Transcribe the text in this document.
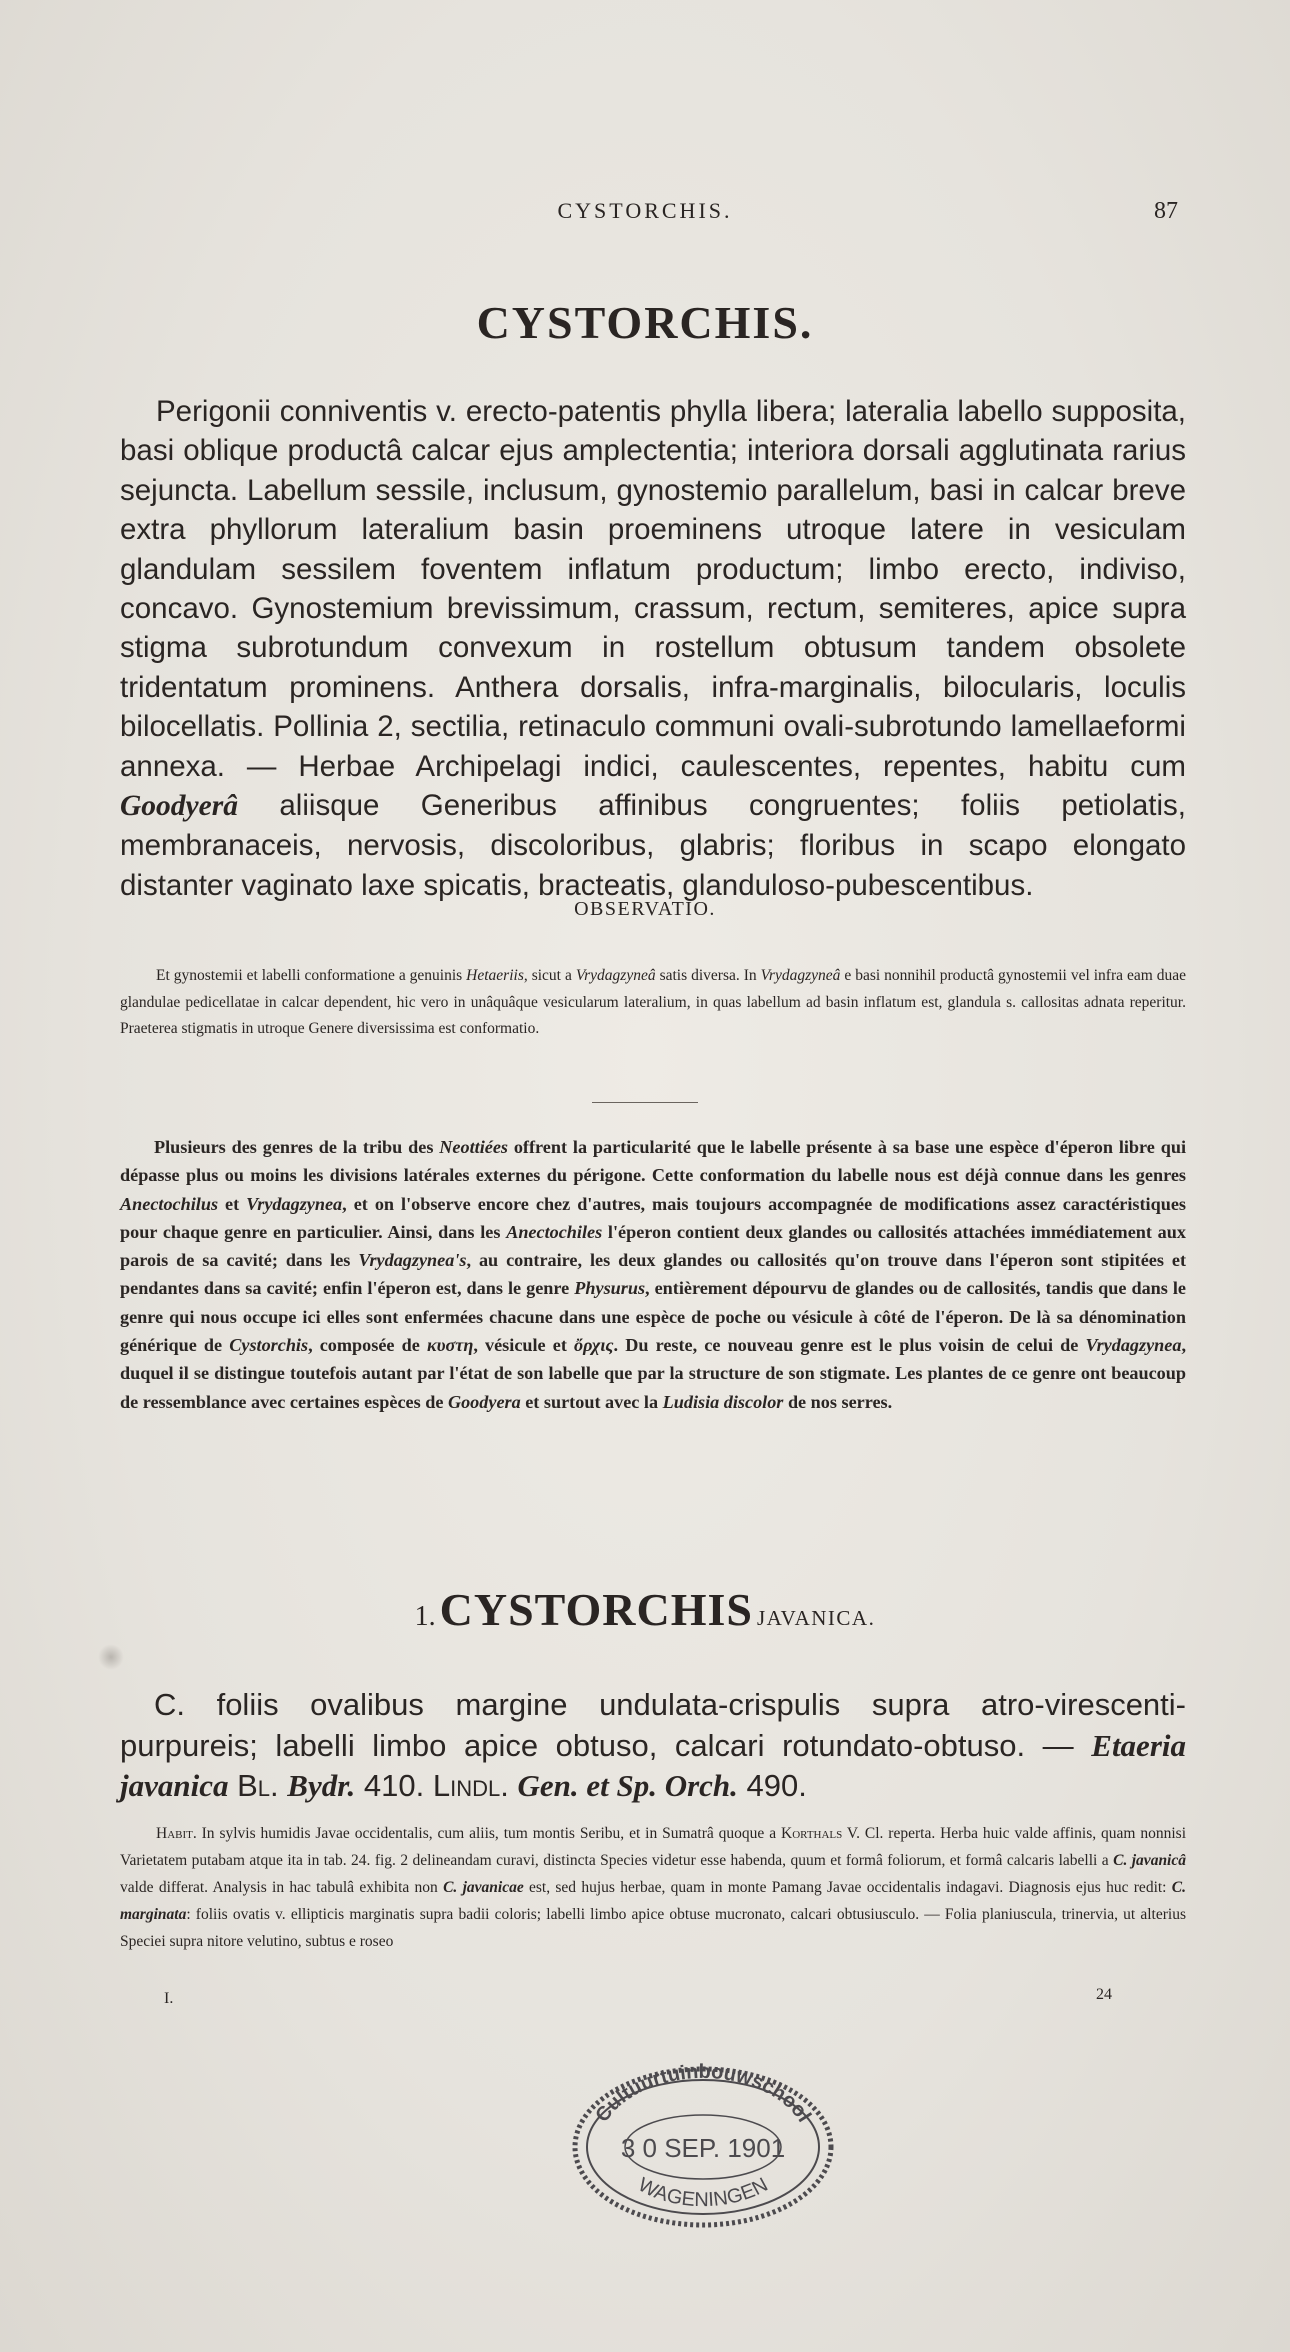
CYSTORCHIS.	87
CYSTORCHIS.

Perigonii conniventis v. erecto-patentis phylla libera; lateralia labello supposita, basi oblique productâ calcar ejus amplectentia; interiora dorsali agglutinata rarius sejuncta. Labellum sessile, inclusum, gynostemio parallelum, basi in calcar breve extra phyllorum lateralium basin proeminens utroque latere in vesiculam glandulam sessilem foventem inflatum productum; limbo erecto, indiviso, concavo. Gynostemium brevissimum, crassum, rectum, semiteres, apice supra stigma subrotundum convexum in rostellum obtusum tandem obsolete tridentatum prominens. Anthera dorsalis, infra-marginalis, bilocularis, loculis bilocellatis. Pollinia 2, sectilia, retinaculo communi ovali-subrotundo lamellaeformi annexa. — Herbae Archipelagi indici, caulescentes, repentes, habitu cum Goodyerâ aliisque Generibus affinibus congruentes; foliis petiolatis, membranaceis, nervosis, discoloribus, glabris; floribus in scapo elongato distanter vaginato laxe spicatis, bracteatis, glanduloso-pubescentibus.

OBSERVATIO.

Et gynostemii et labelli conformatione a genuinis Hetaeriis, sicut a Vrydagzyneâ satis diversa. In Vrydagzyneâ e basi nonnihil productâ gynostemii vel infra eam duae glandulae pedicellatae in calcar dependent, hic vero in unâquâque vesicularum lateralium, in quas labellum ad basin inflatum est, glandula s. callositas adnata reperitur. Praeterea stigmatis in utroque Genere diversissima est conformatio.

Plusieurs des genres de la tribu des Neottiées offrent la particularité que le labelle présente à sa base une espèce d'éperon libre qui dépasse plus ou moins les divisions latérales externes du périgone. Cette conformation du labelle nous est déjà connue dans les genres Anectochilus et Vrydagzynea, et on l'observe encore chez d'autres, mais toujours accompagnée de modifications assez caractéristiques pour chaque genre en particulier. Ainsi, dans les Anectochiles l'éperon contient deux glandes ou callosités attachées immédiatement aux parois de sa cavité; dans les Vrydagzynea's, au contraire, les deux glandes ou callosités qu'on trouve dans l'éperon sont stipitées et pendantes dans sa cavité; enfin l'éperon est, dans le genre Physurus, entièrement dépourvu de glandes ou de callosités, tandis que dans le genre qui nous occupe ici elles sont enfermées chacune dans une espèce de poche ou vésicule à côté de l'éperon. De là sa dénomination générique de Cystorchis, composée de κυστη, vésicule et ὄρχις. Du reste, ce nouveau genre est le plus voisin de celui de Vrydagzynea, duquel il se distingue toutefois autant par l'état de son labelle que par la structure de son stigmate. Les plantes de ce genre ont beaucoup de ressemblance avec certaines espèces de Goodyera et surtout avec la Ludisia discolor de nos serres.

1. CYSTORCHIS JAVANICA.

C. foliis ovalibus margine undulata-crispulis supra atro-virescenti-purpureis; labelli limbo apice obtuso, calcari rotundato-obtuso. — Etaeria javanica Bl. Bydr. 410. Lindl. Gen. et Sp. Orch. 490.

Habit. In sylvis humidis Javae occidentalis, cum aliis, tum montis Seribu, et in Sumatrâ quoque a Korthals V. Cl. reperta. Herba huic valde affinis, quam nonnisi Varietatem putabam atque ita in tab. 24. fig. 2 delineandam curavi, distincta Species videtur esse habenda, quum et formâ foliorum, et formâ calcaris labelli a C. javanicâ valde differat. Analysis in hac tabulâ exhibita non C. javanicae est, sed hujus herbae, quam in monte Pamang Javae occidentalis indagavi. Diagnosis ejus huc redit: C. marginata: foliis ovatis v. ellipticis marginatis supra badii coloris; labelli limbo apice obtuse mucronato, calcari obtusiusculo. — Folia planiuscula, trinervia, ut alterius Speciei supra nitore velutino, subtus e roseo

I.	24
Cultuurtuinbouwschool
3 0 SEP. 1901
WAGENINGEN
